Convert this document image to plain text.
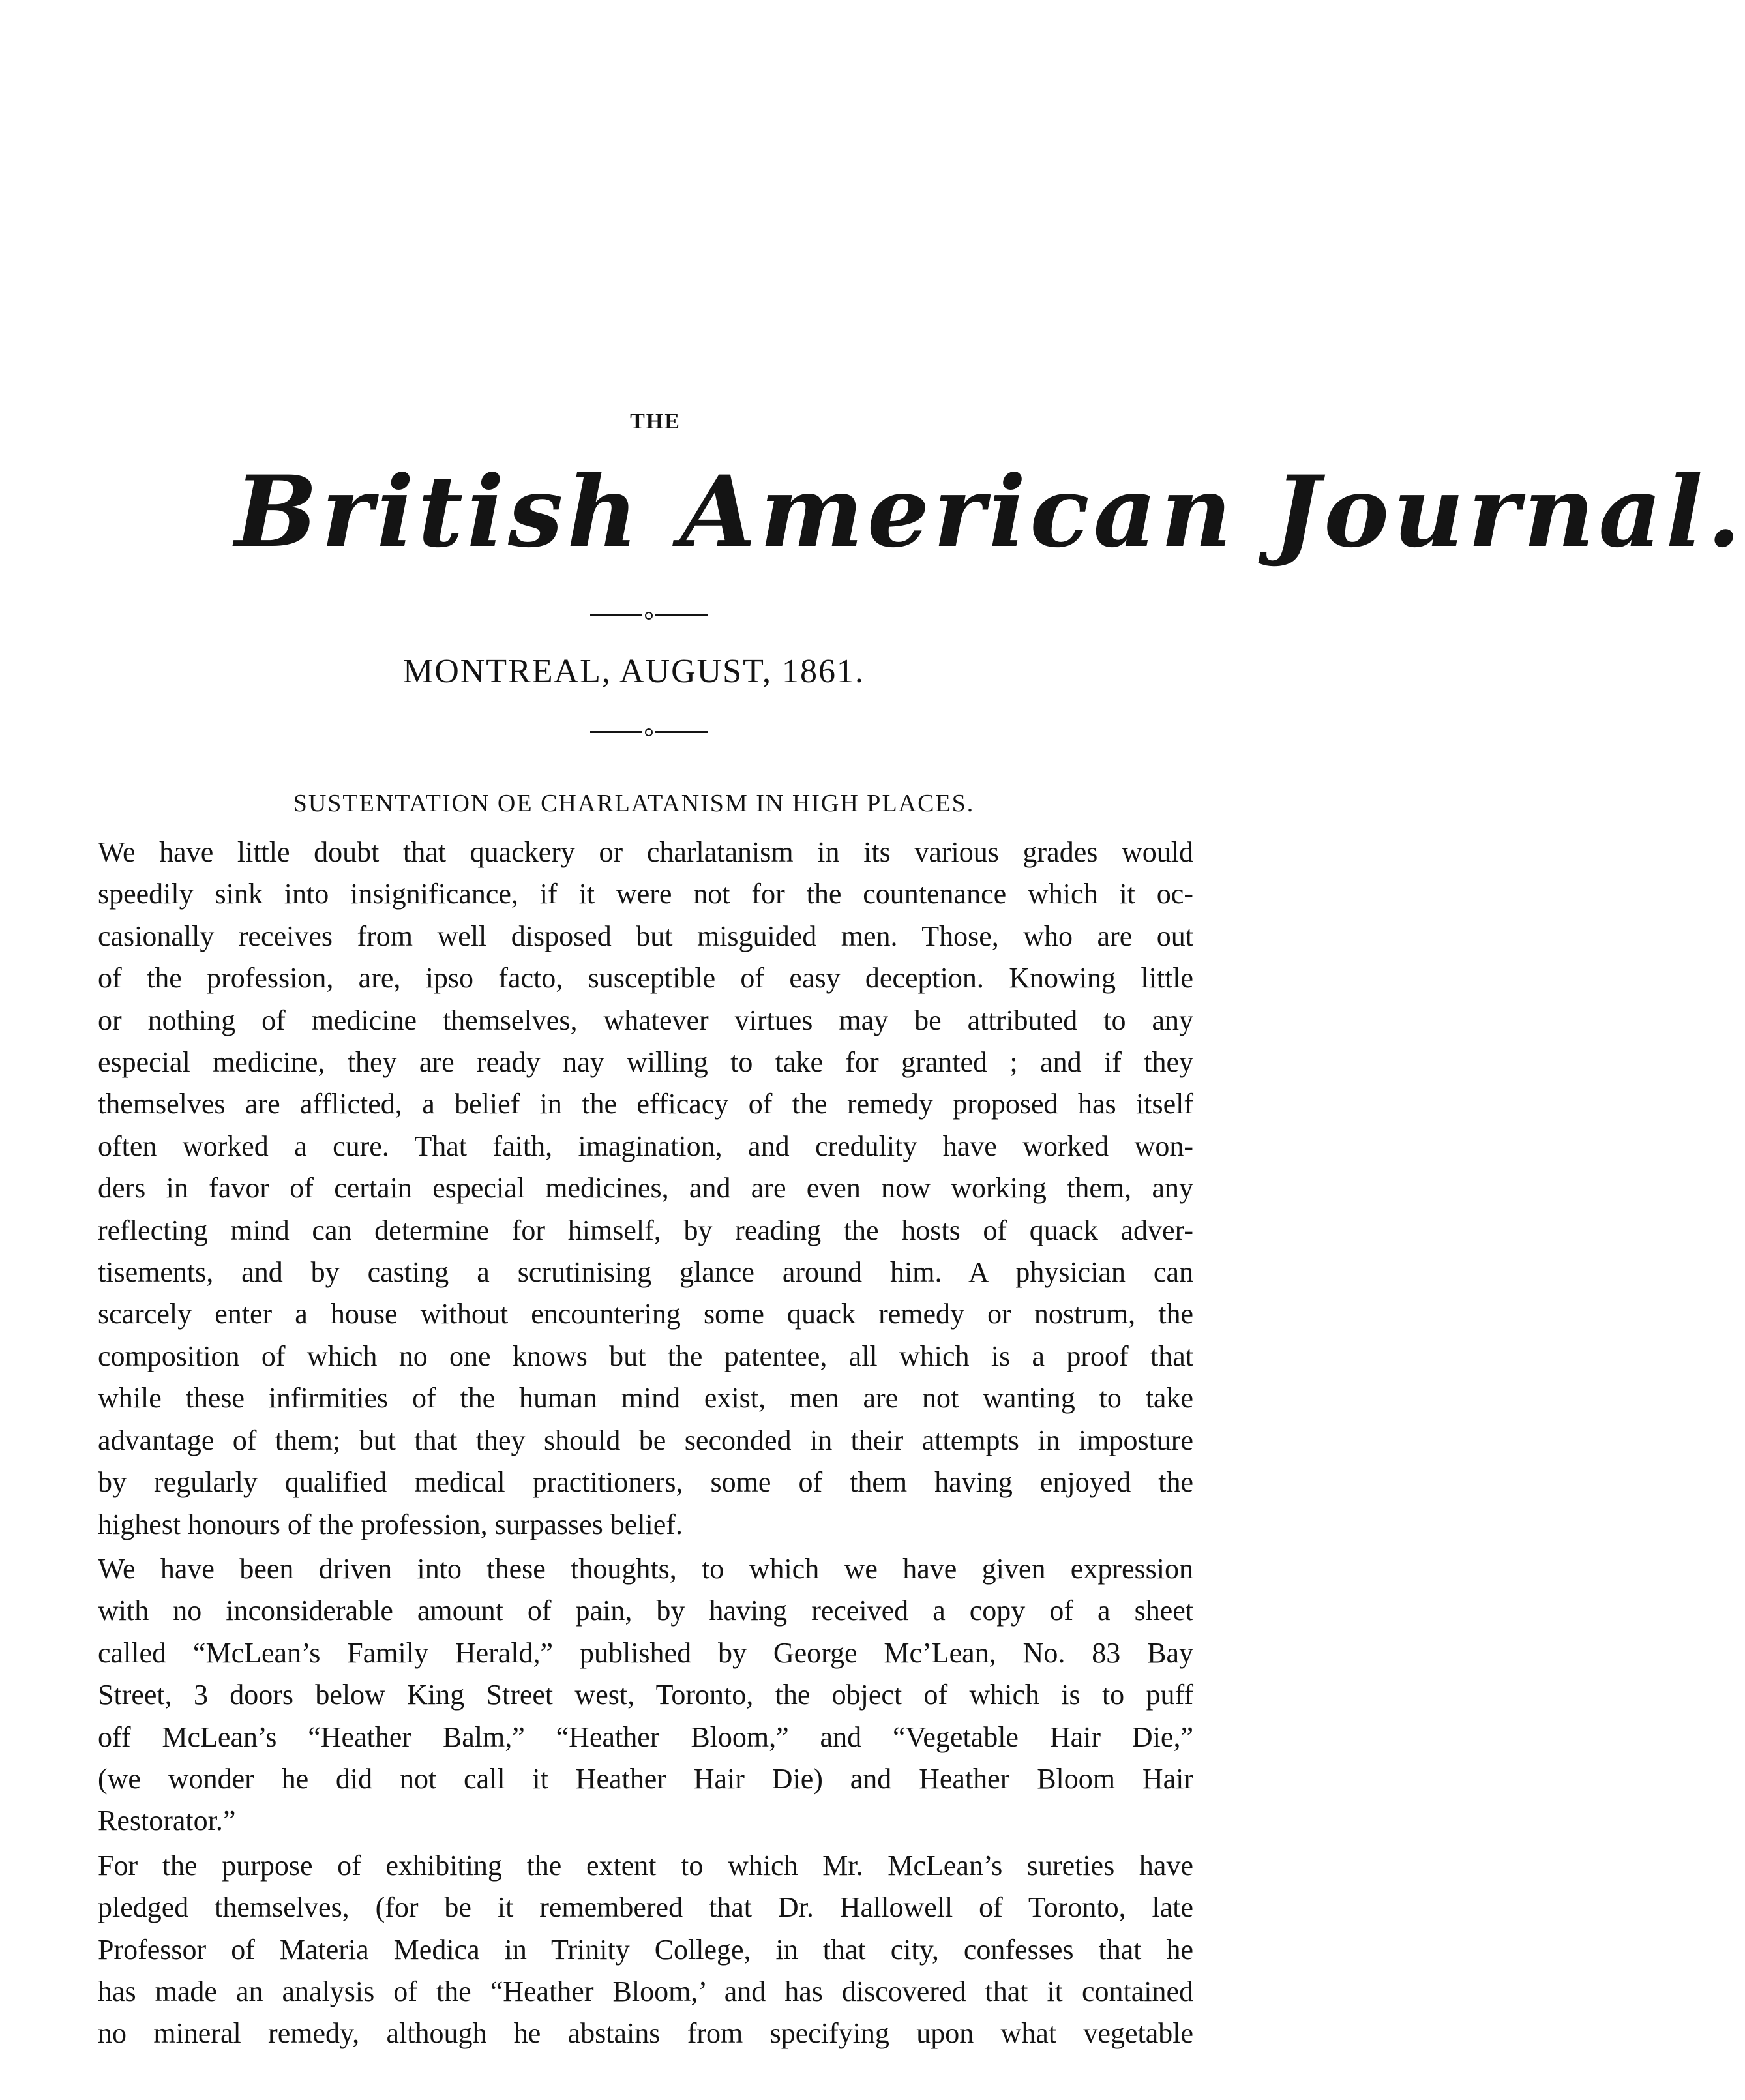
THE
British American Journal.
MONTREAL, AUGUST, 1861.
SUSTENTATION OE CHARLATANISM IN HIGH PLACES.
We have little doubt that quackery or charlatanism in its various grades would
speedily sink into insignificance, if it were not for the countenance which it oc-
casionally receives from well disposed but misguided men. Those, who are out
of the profession, are, ipso facto, susceptible of easy deception. Knowing little
or nothing of medicine themselves, whatever virtues may be attributed to any
especial medicine, they are ready nay willing to take for granted ; and if they
themselves are afflicted, a belief in the efficacy of the remedy proposed has itself
often worked a cure. That faith, imagination, and credulity have worked won-
ders in favor of certain especial medicines, and are even now working them, any
reflecting mind can determine for himself, by reading the hosts of quack adver-
tisements, and by casting a scrutinising glance around him. A physician can
scarcely enter a house without encountering some quack remedy or nostrum, the
composition of which no one knows but the patentee, all which is a proof that
while these infirmities of the human mind exist, men are not wanting to take
advantage of them; but that they should be seconded in their attempts in imposture
by regularly qualified medical practitioners, some of them having enjoyed the
highest honours of the profession, surpasses belief.
We have been driven into these thoughts, to which we have given expression
with no inconsiderable amount of pain, by having received a copy of a sheet
called “McLean’s Family Herald,” published by George Mc’Lean, No. 83 Bay
Street, 3 doors below King Street west, Toronto, the object of which is to puff
off McLean’s “Heather Balm,” “Heather Bloom,” and “Vegetable Hair Die,”
(we wonder he did not call it Heather Hair Die) and Heather Bloom Hair
Restorator.”
For the purpose of exhibiting the extent to which Mr. McLean’s sureties have
pledged themselves, (for be it remembered that Dr. Hallowell of Toronto, late
Professor of Materia Medica in Trinity College, in that city, confesses that he
has made an analysis of the “Heather Bloom,’ and has discovered that it contained
no mineral remedy, although he abstains from specifying upon what vegetable
